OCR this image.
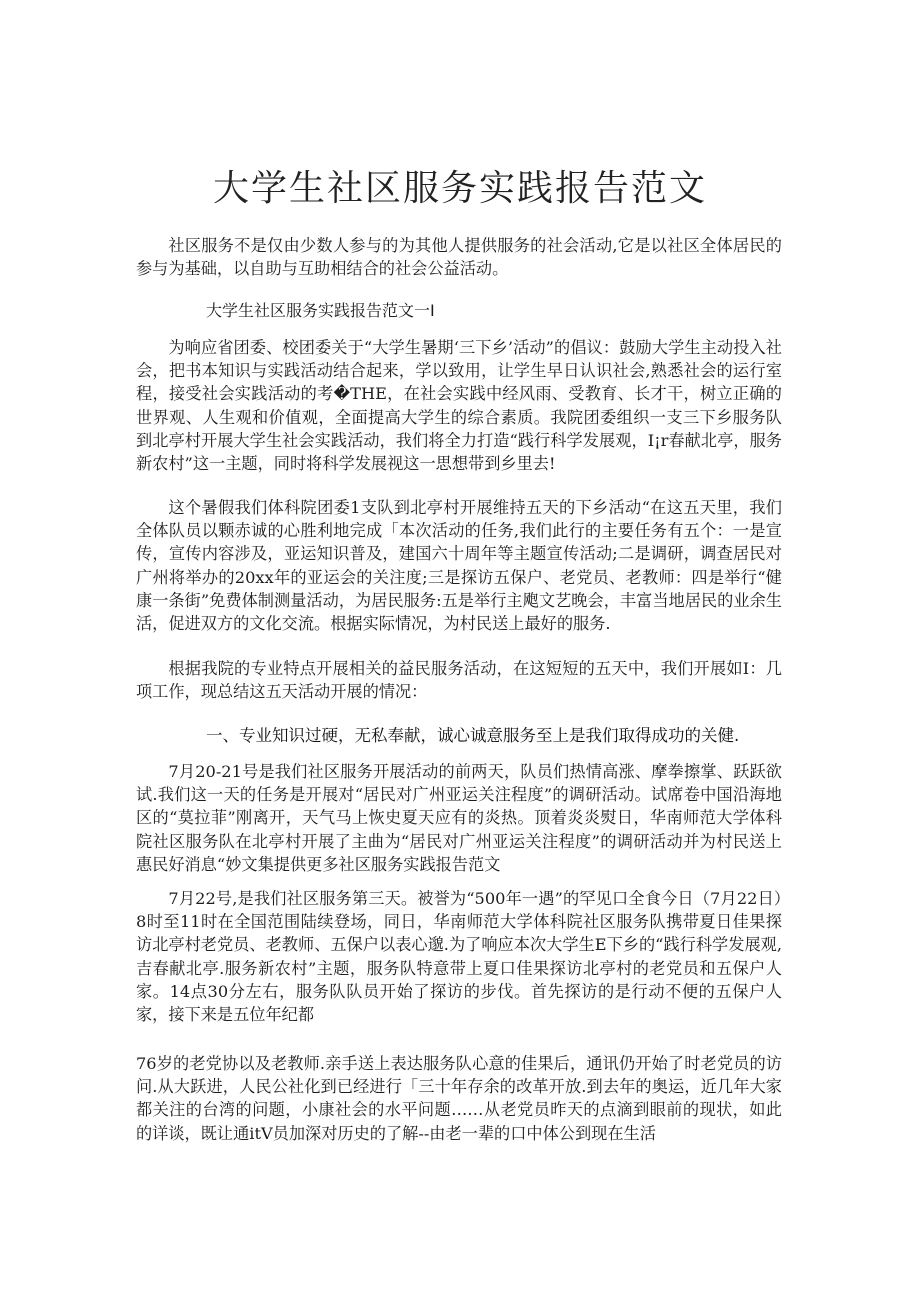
大学生社区服务实践报告范文

社区服务不是仅由少数人参与的为其他人提供服务的社会活动,它是以社区全体居民的参与为基础，以自助与互助相结合的社会公益活动。

大学生社区服务实践报告范文一I

为响应省团委、校团委关于“大学生暑期‘三下乡’活动”的倡议：鼓励大学生主动投入社会，把书本知识与实践活动结合起来，学以致用，让学生早日认识社会,熟悉社会的运行室程，接受社会实践活动的考�THE，在社会实践中经风雨、受教育、长才干，树立正确的世界观、人生观和价值观，全面提高大学生的综合素质。我院团委组织一支三下乡服务队到北亭村开展大学生社会实践活动，我们将全力打造“践行科学发展观，I¡r春献北亭，服务新农村”这一主题，同时将科学发展视这一思想带到乡里去!

这个暑假我们体科院团委1支队到北亭村开展维持五天的下乡活动“在这五天里，我们全体队员以颗赤诚的心胜利地完成「本次活动的任务,我们此行的主要任务有五个：一是宣传，宣传内容涉及，亚运知识普及，建国六十周年等主题宣传活动;二是调研，调查居民对广州将举办的20xx年的亚运会的关注度;三是探访五保户、老党员、老教师：四是举行“健康一条街”免费体制测量活动，为居民服务:五是举行主飑文艺晚会，丰富当地居民的业余生活，促进双方的文化交流。根据实际情况，为村民送上最好的服务.

根据我院的专业特点开展相关的益民服务活动，在这短短的五天中，我们开展如I：几项工作，现总结这五天活动开展的情况：

一、专业知识过硬，无私奉献，诚心诚意服务至上是我们取得成功的关健.

7月20-21号是我们社区服务开展活动的前两天，队员们热情高涨、摩拳擦掌、跃跃欲试.我们这一天的任务是开展对“居民对广州亚运关注程度”的调研活动。试席卷中国沿海地区的“莫拉菲”刚离开，天气马上恢史夏天应有的炎热。顶着炎炎熨日，华南师范大学体科院社区服务队在北亭村开展了主曲为“居民对广州亚运关注程度”的调研活动并为村民送上惠民好消息“妙文集提供更多社区服务实践报告范文

7月22号,是我们社区服务第三天。被誉为“500年一遇”的罕见口全食今日（7月22日）8时至11时在全国范围陆续登场，同日，华南师范大学体科院社区服务队携带夏日佳果探访北亭村老党员、老教师、五保户以表心邈.为了响应本次大学生E下乡的“践行科学发展观,吉春献北亭.服务新农村”主题，服务队特意带上夏口佳果探访北亭村的老党员和五保户人家。14点30分左右，服务队队员开始了探访的步伐。首先探访的是行动不便的五保户人家，接下来是五位年纪都

76岁的老党协以及老教师.亲手送上表达服务队心意的佳果后，通讯仍开始了时老党员的访问.从大跃进，人民公社化到已经进行「三十年存余的改革开放.到去年的奥运，近几年大家都关注的台湾的问题，小康社会的水平问题……从老党员昨天的点滴到眼前的现状，如此的详谈，既让通itV员加深对历史的了解--由老一辈的口中体公到现在生活
